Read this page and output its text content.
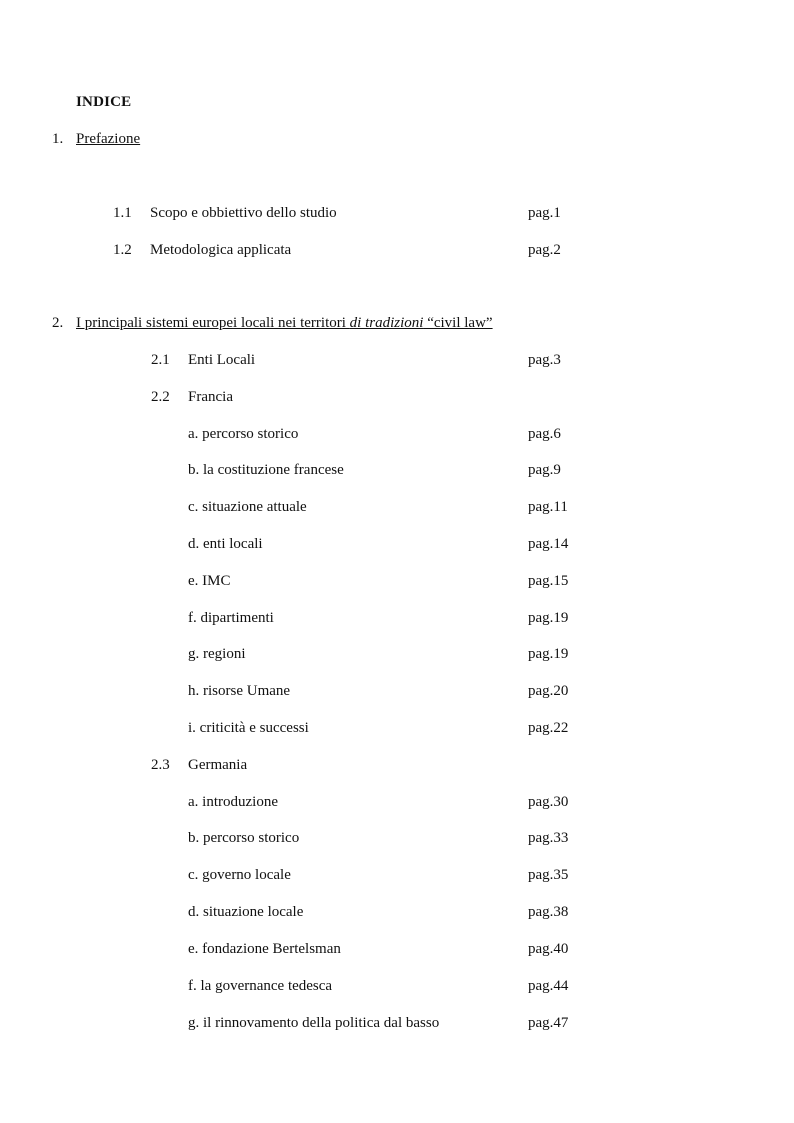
INDICE
1. Prefazione
1.1 Scopo e obbiettivo dello studio	pag.1
1.2 Metodologica applicata	pag.2
2. I principali sistemi europei locali nei territori di tradizioni “civil law”
2.1 Enti Locali	pag.3
2.2 Francia
a. percorso storico	pag.6
b. la costituzione francese	pag.9
c. situazione attuale	pag.11
d. enti locali	pag.14
e. IMC	pag.15
f. dipartimenti	pag.19
g. regioni	pag.19
h. risorse Umane	pag.20
i. criticità e successi	pag.22
2.3 Germania
a. introduzione	pag.30
b. percorso storico	pag.33
c. governo locale	pag.35
d. situazione locale	pag.38
e. fondazione Bertelsman	pag.40
f. la governance tedesca	pag.44
g. il rinnovamento della politica dal basso	pag.47
